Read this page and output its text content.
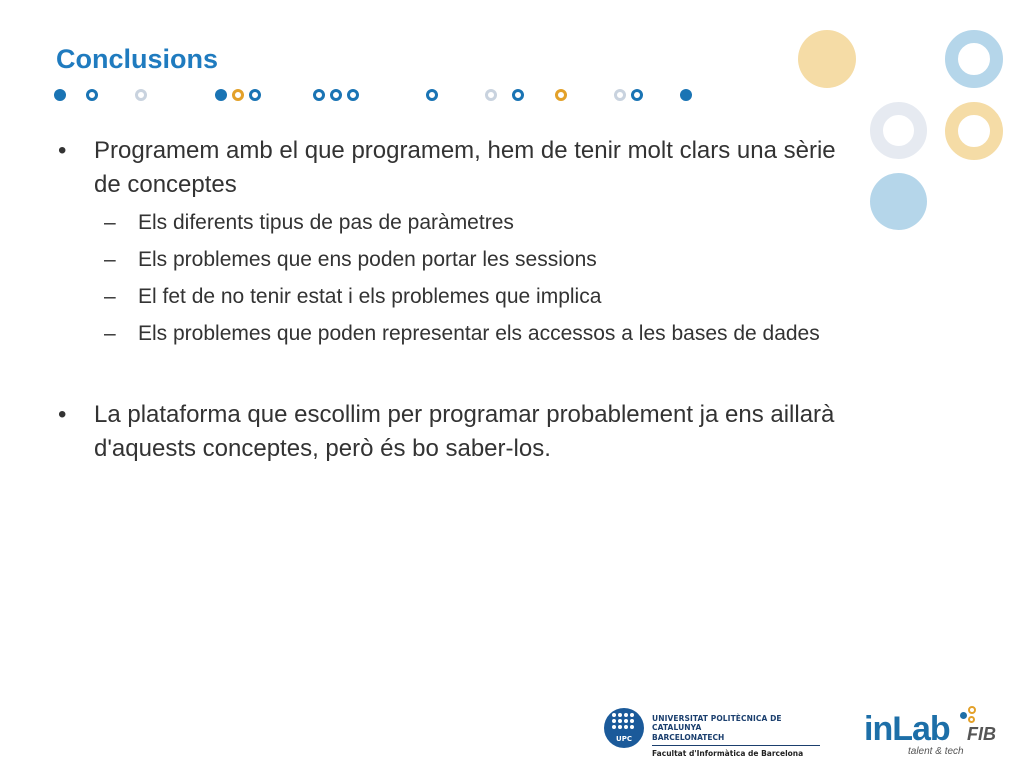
Conclusions
• Programem amb el que programem, hem de tenir molt clars una sèrie de conceptes
– Els diferents tipus de pas de paràmetres
– Els problemes que ens poden portar les sessions
– El fet de no tenir estat i els problemes que implica
– Els problemes que poden representar els accessos a les bases de dades
• La plataforma que escollim per programar probablement ja ens aillarà d'aquests conceptes, però és bo saber-los.
UPC
UNIVERSITAT POLITÈCNICA DE CATALUNYA
BARCELONATECH
Facultat d'Informàtica de Barcelona
inLab FIB
talent & tech
